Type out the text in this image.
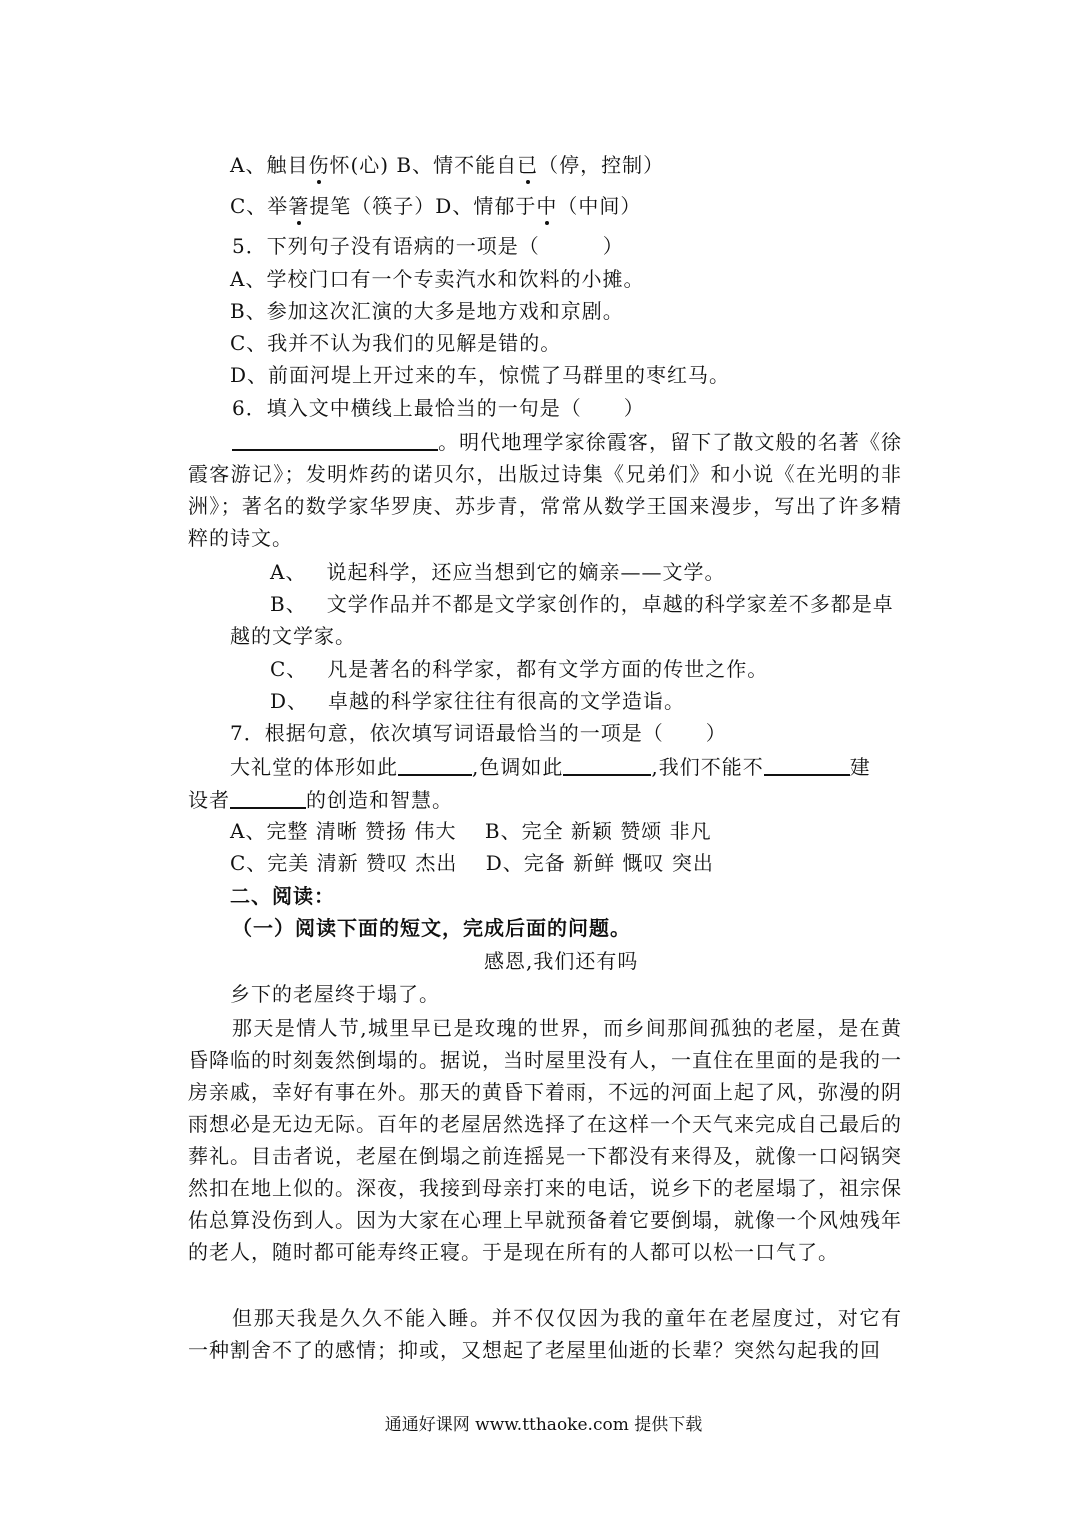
A、触目伤怀(心) B、情不能自已（停，控制）
C、举箸提笔（筷子）D、情郁于中（中间）
5．下列句子没有语病的一项是（　　　）
A、学校门口有一个专卖汽水和饮料的小摊。
B、参加这次汇演的大多是地方戏和京剧。
C、我并不认为我们的见解是错的。
D、前面河堤上开过来的车，惊慌了马群里的枣红马。
6．填入文中横线上最恰当的一句是（　　）
。明代地理学家徐霞客，留下了散文般的名著《徐霞客游记》；发明炸药的诺贝尔，出版过诗集《兄弟们》和小说《在光明的非洲》；著名的数学家华罗庚、苏步青，常常从数学王国来漫步，写出了许多精粹的诗文。
A、 说起科学，还应当想到它的嫡亲——文学。
B、 文学作品并不都是文学家创作的，卓越的科学家差不多都是卓
越的文学家。
C、 凡是著名的科学家，都有文学方面的传世之作。
D、 卓越的科学家往往有很高的文学造诣。
7．根据句意，依次填写词语最恰当的一项是（　　）
大礼堂的体形如此	,色调如此	,我们不能不	建
设者	的创造和智慧。
A、完整 清晰 赞扬 伟大　 B、完全 新颖 赞颂 非凡
C、完美 清新 赞叹 杰出　 D、完备 新鲜 慨叹 突出
二、阅读：
（一）阅读下面的短文，完成后面的问题。
感恩,我们还有吗
乡下的老屋终于塌了。
那天是情人节,城里早已是玫瑰的世界，而乡间那间孤独的老屋，是在黄昏降临的时刻轰然倒塌的。据说，当时屋里没有人，一直住在里面的是我的一房亲戚，幸好有事在外。那天的黄昏下着雨，不远的河面上起了风，弥漫的阴雨想必是无边无际。百年的老屋居然选择了在这样一个天气来完成自己最后的葬礼。目击者说，老屋在倒塌之前连摇晃一下都没有来得及，就像一口闷锅突然扣在地上似的。深夜，我接到母亲打来的电话，说乡下的老屋塌了，祖宗保佑总算没伤到人。因为大家在心理上早就预备着它要倒塌，就像一个风烛残年的老人，随时都可能寿终正寝。于是现在所有的人都可以松一口气了。
但那天我是久久不能入睡。并不仅仅因为我的童年在老屋度过，对它有一种割舍不了的感情；抑或，又想起了老屋里仙逝的长辈？突然勾起我的回
通通好课网 www.tthaoke.com 提供下载
